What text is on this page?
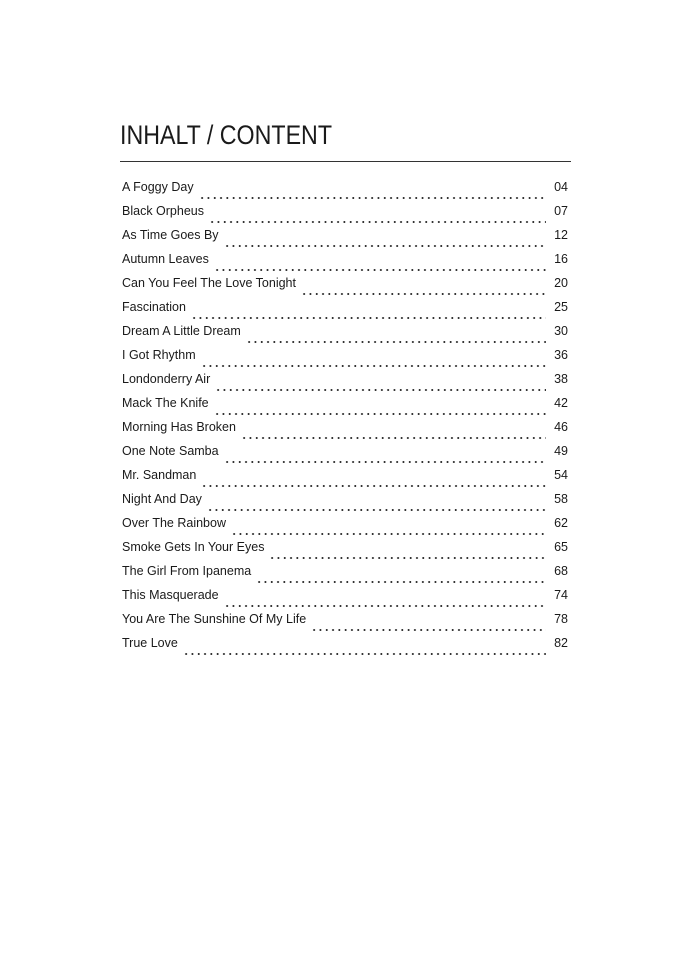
INHALT / CONTENT
A Foggy Day	04
Black Orpheus	07
As Time Goes By	12
Autumn Leaves	16
Can You Feel The Love Tonight	20
Fascination	25
Dream A Little Dream	30
I Got Rhythm	36
Londonderry Air	38
Mack The Knife	42
Morning Has Broken	46
One Note Samba	49
Mr. Sandman	54
Night And Day	58
Over The Rainbow	62
Smoke Gets In Your Eyes	65
The Girl From Ipanema	68
This Masquerade	74
You Are The Sunshine Of My Life	78
True Love	82
